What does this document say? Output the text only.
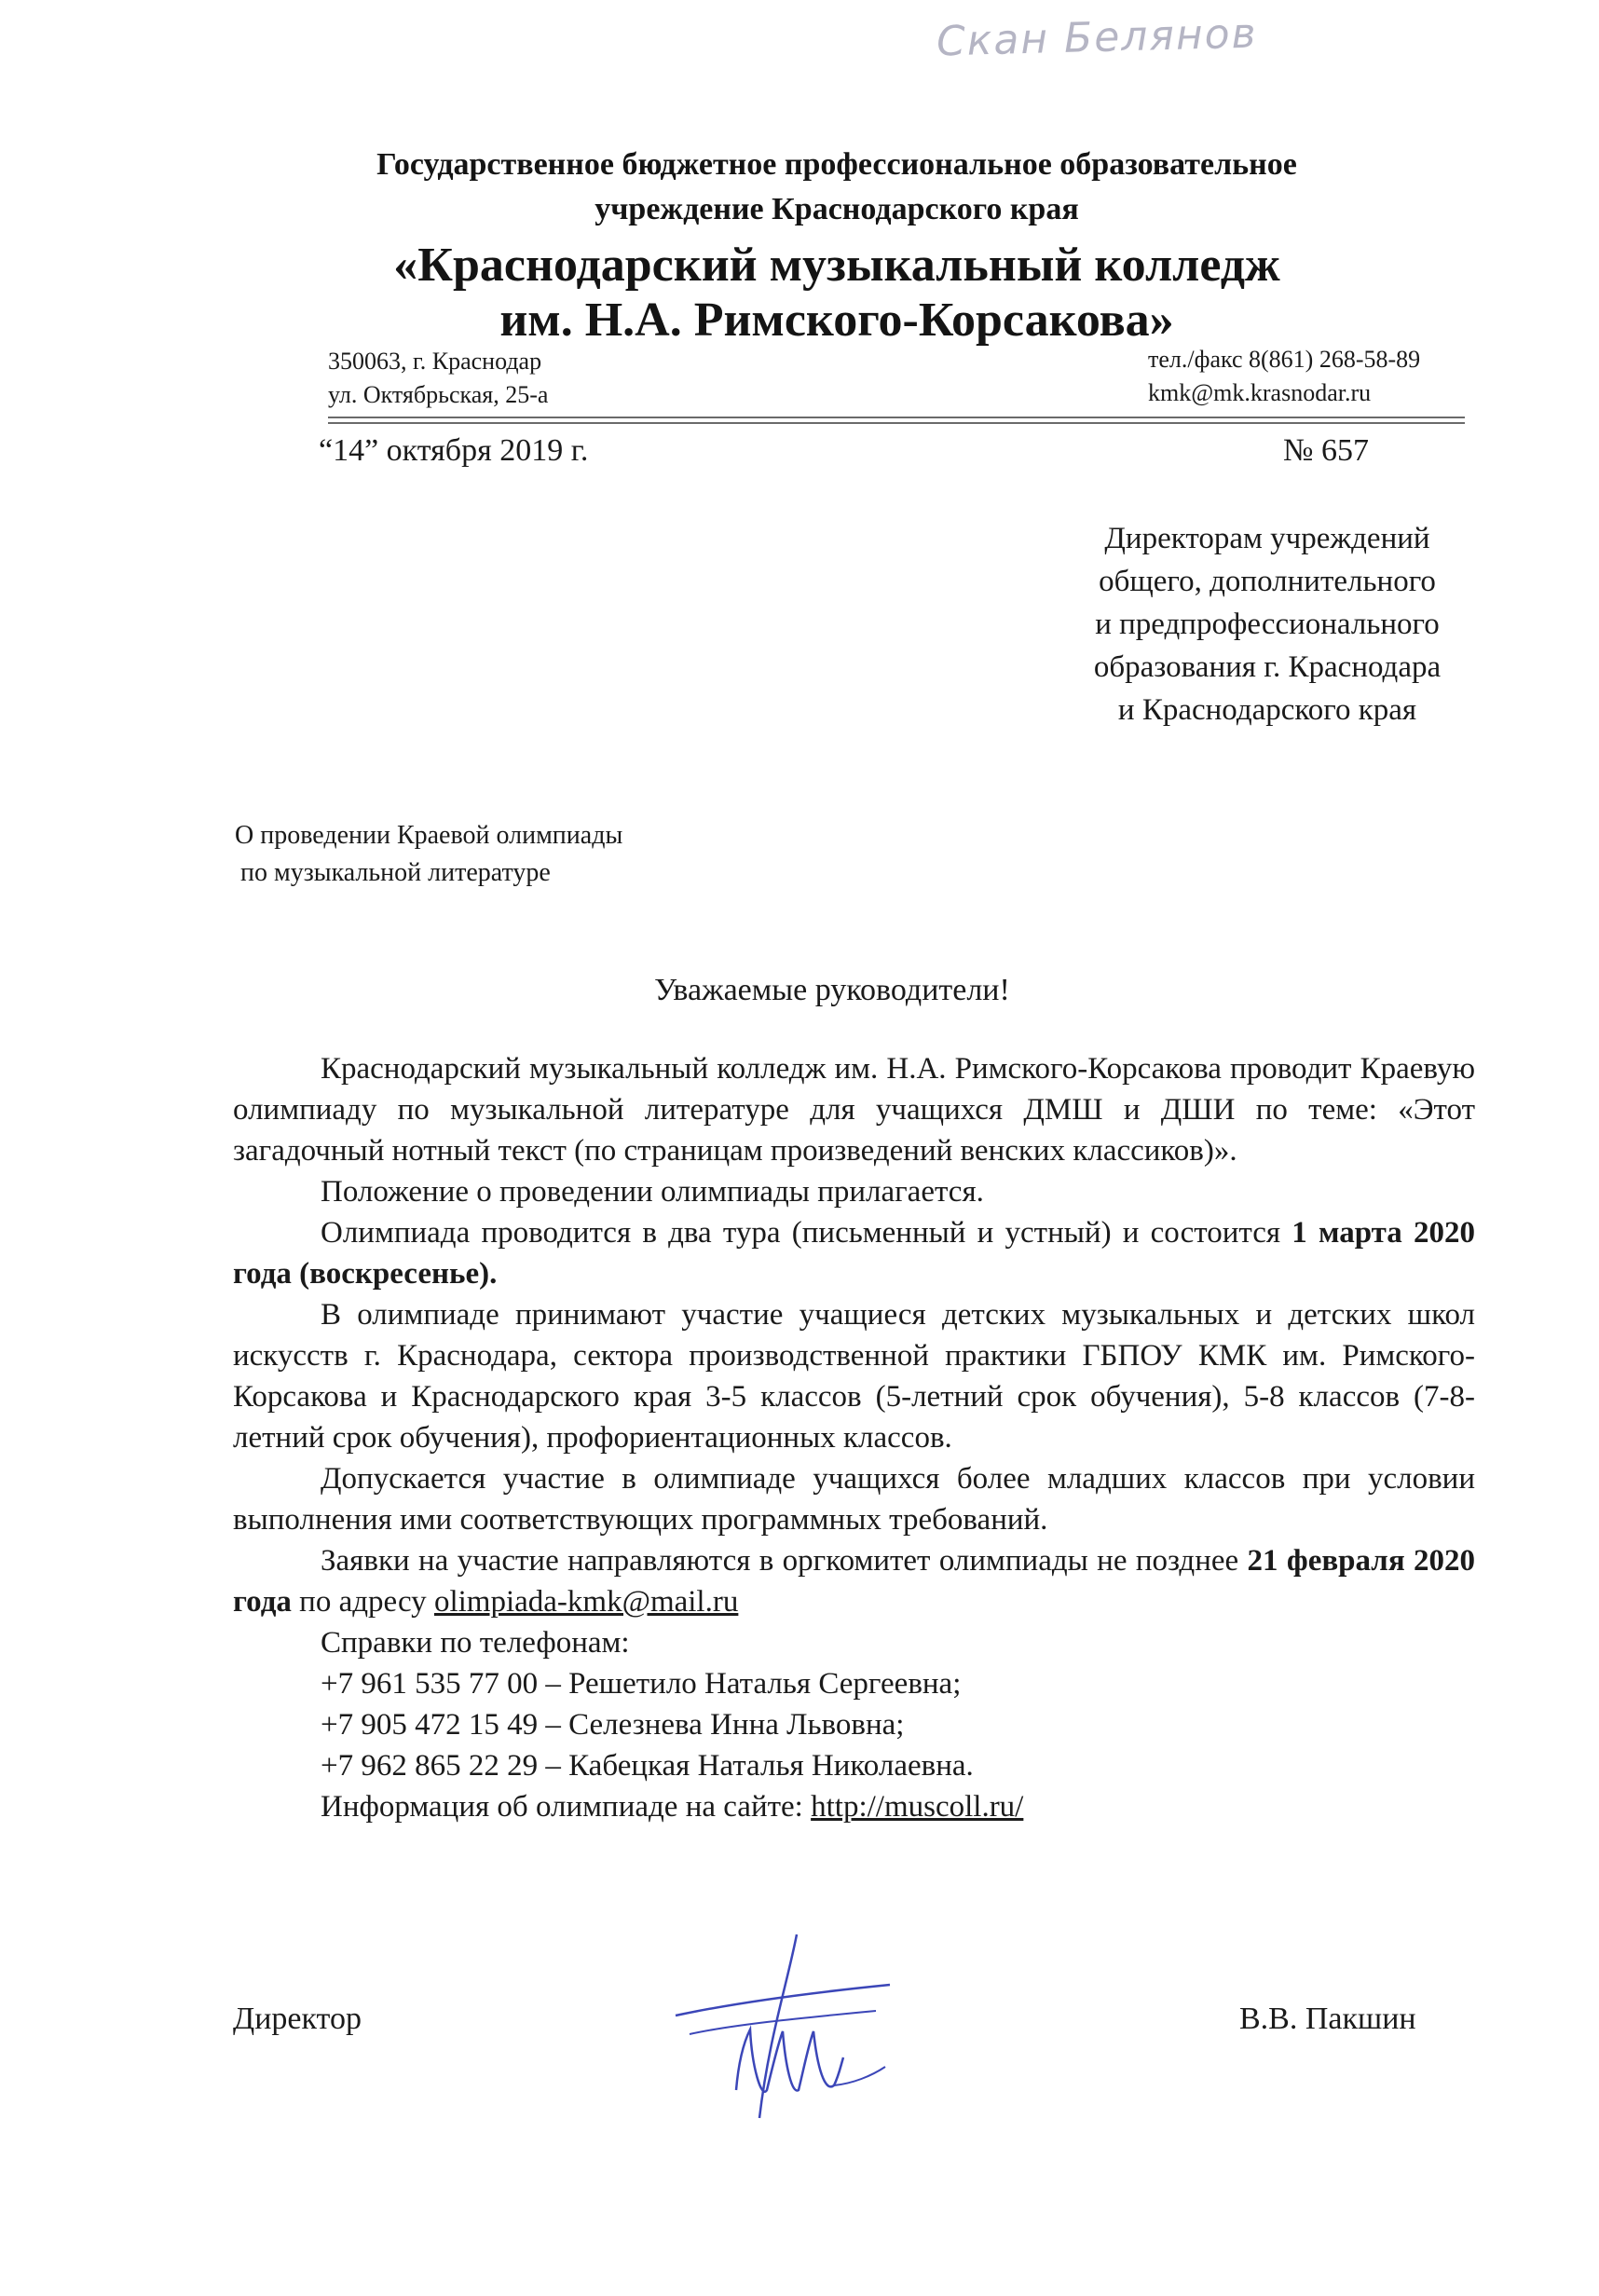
Скан Белянов
Государственное бюджетное профессиональное образовательное
учреждение Краснодарского края
«Краснодарский музыкальный колледж
им. Н.А. Римского-Корсакова»
350063, г. Краснодар
ул. Октябрьская, 25-а
тел./факс 8(861) 268-58-89
kmk@mk.krasnodar.ru
“14” октября 2019 г.	№ 657
Директорам учреждений
общего, дополнительного
и предпрофессионального
образования г. Краснодара
и Краснодарского края
О проведении Краевой олимпиады
по музыкальной литературе
Уважаемые руководители!

Краснодарский музыкальный колледж им. Н.А. Римского-Корсакова проводит Краевую олимпиаду по музыкальной литературе для учащихся ДМШ и ДШИ по теме: «Этот загадочный нотный текст (по страницам произведений венских классиков)».

Положение о проведении олимпиады прилагается.

Олимпиада проводится в два тура (письменный и устный) и состоится 1 марта 2020 года (воскресенье).

В олимпиаде принимают участие учащиеся детских музыкальных и детских школ искусств г. Краснодара, сектора производственной практики ГБПОУ КМК им. Римского-Корсакова и Краснодарского края 3-5 классов (5-летний срок обучения), 5-8 классов (7-8-летний срок обучения), профориентационных классов.

Допускается участие в олимпиаде учащихся более младших классов при условии выполнения ими соответствующих программных требований.

Заявки на участие направляются в оргкомитет олимпиады не позднее 21 февраля 2020 года по адресу olimpiada-kmk@mail.ru

Справки по телефонам:

+7 961 535 77 00 – Решетило Наталья Сергеевна;

+7 905 472 15 49 – Селезнева Инна Львовна;

+7 962 865 22 29 – Кабецкая Наталья Николаевна.

Информация об олимпиаде на сайте: http://muscoll.ru/

Директор	В.В. Пакшин
